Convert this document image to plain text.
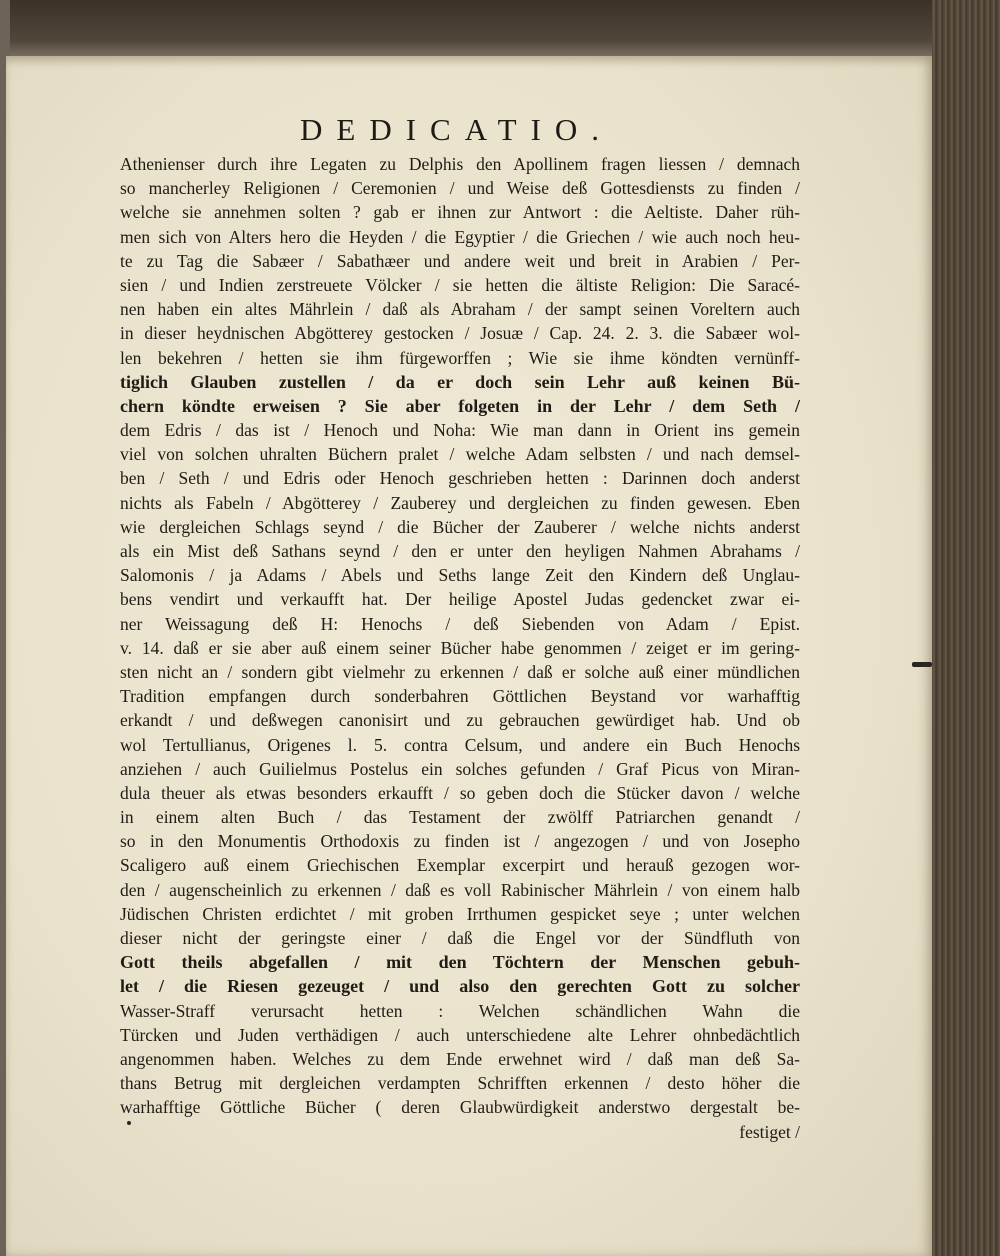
DEDICATIO.
Athenienser durch ihre Legaten zu Delphis den Apollinem fragen liessen / demnach
so mancherley Religionen / Ceremonien / und Weise deß Gottesdiensts zu finden /
welche sie annehmen solten ? gab er ihnen zur Antwort : die Aeltiste. Daher rüh-
men sich von Alters hero die Heyden / die Egyptier / die Griechen / wie auch noch heu-
te zu Tag die Sabæer / Sabathæer und andere weit und breit in Arabien / Per-
sien / und Indien zerstreuete Völcker / sie hetten die ältiste Religion: Die Saracé-
nen haben ein altes Mährlein / daß als Abraham / der sampt seinen Voreltern auch
in dieser heydnischen Abgötterey gestocken / Josuæ / Cap. 24. 2. 3. die Sabæer wol-
len bekehren / hetten sie ihm fürgeworffen ; Wie sie ihme köndten vernünff-
tiglich Glauben zustellen / da er doch sein Lehr auß keinen Bü-
chern köndte erweisen ? Sie aber folgeten in der Lehr / dem Seth /
dem Edris / das ist / Henoch und Noha: Wie man dann in Orient ins gemein
viel von solchen uhralten Büchern pralet / welche Adam selbsten / und nach demsel-
ben / Seth / und Edris oder Henoch geschrieben hetten : Darinnen doch anderst
nichts als Fabeln / Abgötterey / Zauberey und dergleichen zu finden gewesen. Eben
wie dergleichen Schlags seynd / die Bücher der Zauberer / welche nichts anderst
als ein Mist deß Sathans seynd / den er unter den heyligen Nahmen Abrahams /
Salomonis / ja Adams / Abels und Seths lange Zeit den Kindern deß Unglau-
bens vendirt und verkaufft hat. Der heilige Apostel Judas gedencket zwar ei-
ner Weissagung deß H: Henochs / deß Siebenden von Adam / Epist.
v. 14. daß er sie aber auß einem seiner Bücher habe genommen / zeiget er im gering-
sten nicht an / sondern gibt vielmehr zu erkennen / daß er solche auß einer mündlichen
Tradition empfangen durch sonderbahren Göttlichen Beystand vor warhafftig
erkandt / und deßwegen canonisirt und zu gebrauchen gewürdiget hab. Und ob
wol Tertullianus, Origenes l. 5. contra Celsum, und andere ein Buch Henochs
anziehen / auch Guilielmus Postelus ein solches gefunden / Graf Picus von Miran-
dula theuer als etwas besonders erkaufft / so geben doch die Stücker davon / welche
in einem alten Buch / das Testament der zwölff Patriarchen genandt /
so in den Monumentis Orthodoxis zu finden ist / angezogen / und von Josepho
Scaligero auß einem Griechischen Exemplar excerpirt und herauß gezogen wor-
den / augenscheinlich zu erkennen / daß es voll Rabinischer Mährlein / von einem halb
Jüdischen Christen erdichtet / mit groben Irrthumen gespicket seye ; unter welchen
dieser nicht der geringste einer / daß die Engel vor der Sündfluth von
Gott theils abgefallen / mit den Töchtern der Menschen gebuh-
let / die Riesen gezeuget / und also den gerechten Gott zu solcher
Wasser-Straff verursacht hetten : Welchen schändlichen Wahn die
Türcken und Juden verthädigen / auch unterschiedene alte Lehrer ohnbedächtlich
angenommen haben. Welches zu dem Ende erwehnet wird / daß man deß Sa-
thans Betrug mit dergleichen verdampten Schrifften erkennen / desto höher die
warhafftige Göttliche Bücher ( deren Glaubwürdigkeit anderstwo dergestalt be-
festiget /
